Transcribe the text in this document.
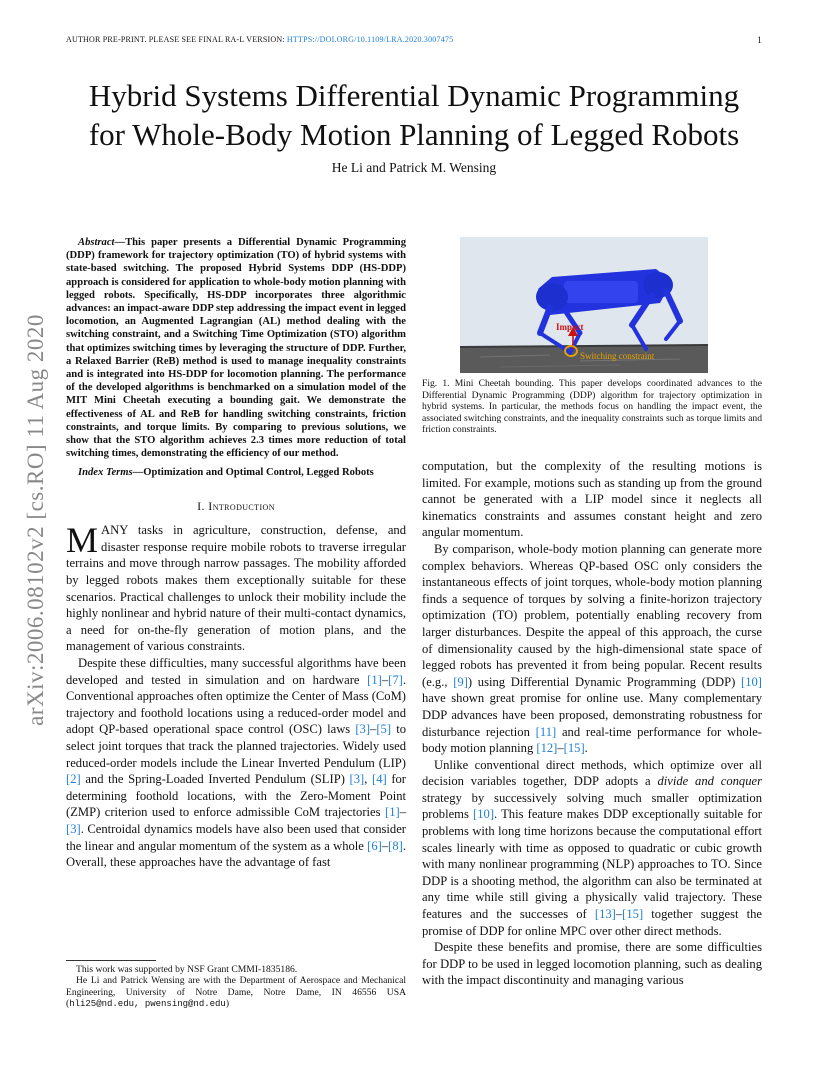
AUTHOR PRE-PRINT. PLEASE SEE FINAL RA-L VERSION: HTTPS://DOI.ORG/10.1109/LRA.2020.3007475	1
arXiv:2006.08102v2 [cs.RO] 11 Aug 2020
Hybrid Systems Differential Dynamic Programming
for Whole-Body Motion Planning of Legged Robots
He Li and Patrick M. Wensing

Abstract—This paper presents a Differential Dynamic Programming (DDP) framework for trajectory optimization (TO) of hybrid systems with state-based switching. The proposed Hybrid Systems DDP (HS-DDP) approach is considered for application to whole-body motion planning with legged robots. Specifically, HS-DDP incorporates three algorithmic advances: an impact-aware DDP step addressing the impact event in legged locomotion, an Augmented Lagrangian (AL) method dealing with the switching constraint, and a Switching Time Optimization (STO) algorithm that optimizes switching times by leveraging the structure of DDP. Further, a Relaxed Barrier (ReB) method is used to manage inequality constraints and is integrated into HS-DDP for locomotion planning. The performance of the developed algorithms is benchmarked on a simulation model of the MIT Mini Cheetah executing a bounding gait. We demonstrate the effectiveness of AL and ReB for handling switching constraints, friction constraints, and torque limits. By comparing to previous solutions, we show that the STO algorithm achieves 2.3 times more reduction of total switching times, demonstrating the efficiency of our method.

Index Terms—Optimization and Optimal Control, Legged Robots

I. Introduction

MANY tasks in agriculture, construction, defense, and disaster response require mobile robots to traverse irregular terrains and move through narrow passages. The mobility afforded by legged robots makes them exceptionally suitable for these scenarios. Practical challenges to unlock their mobility include the highly nonlinear and hybrid nature of their multi-contact dynamics, a need for on-the-fly generation of motion plans, and the management of various constraints.

Despite these difficulties, many successful algorithms have been developed and tested in simulation and on hardware [1]–[7]. Conventional approaches often optimize the Center of Mass (CoM) trajectory and foothold locations using a reduced-order model and adopt QP-based operational space control (OSC) laws [3]–[5] to select joint torques that track the planned trajectories. Widely used reduced-order models include the Linear Inverted Pendulum (LIP) [2] and the Spring-Loaded Inverted Pendulum (SLIP) [3], [4] for determining foothold locations, with the Zero-Moment Point (ZMP) criterion used to enforce admissible CoM trajectories [1]–[3]. Centroidal dynamics models have also been used that consider the linear and angular momentum of the system as a whole [6]–[8]. Overall, these approaches have the advantage of fast

This work was supported by NSF Grant CMMI-1835186.

He Li and Patrick Wensing are with the Department of Aerospace and Mechanical Engineering, University of Notre Dame, Notre Dame, IN 46556 USA (hli25@nd.edu, pwensing@nd.edu)

Impact
Switching constraint
Fig. 1. Mini Cheetah bounding. This paper develops coordinated advances to the Differential Dynamic Programming (DDP) algorithm for trajectory optimization in hybrid systems. In particular, the methods focus on handling the impact event, the associated switching constraints, and the inequality constraints such as torque limits and friction constraints.

computation, but the complexity of the resulting motions is limited. For example, motions such as standing up from the ground cannot be generated with a LIP model since it neglects all kinematics constraints and assumes constant height and zero angular momentum.

By comparison, whole-body motion planning can generate more complex behaviors. Whereas QP-based OSC only considers the instantaneous effects of joint torques, whole-body motion planning finds a sequence of torques by solving a finite-horizon trajectory optimization (TO) problem, potentially enabling recovery from larger disturbances. Despite the appeal of this approach, the curse of dimensionality caused by the high-dimensional state space of legged robots has prevented it from being popular. Recent results (e.g., [9]) using Differential Dynamic Programming (DDP) [10] have shown great promise for online use. Many complementary DDP advances have been proposed, demonstrating robustness for disturbance rejection [11] and real-time performance for whole-body motion planning [12]–[15].

Unlike conventional direct methods, which optimize over all decision variables together, DDP adopts a divide and conquer strategy by successively solving much smaller optimization problems [10]. This feature makes DDP exceptionally suitable for problems with long time horizons because the computational effort scales linearly with time as opposed to quadratic or cubic growth with many nonlinear programming (NLP) approaches to TO. Since DDP is a shooting method, the algorithm can also be terminated at any time while still giving a physically valid trajectory. These features and the successes of [13]–[15] together suggest the promise of DDP for online MPC over other direct methods.

Despite these benefits and promise, there are some difficulties for DDP to be used in legged locomotion planning, such as dealing with the impact discontinuity and managing various
